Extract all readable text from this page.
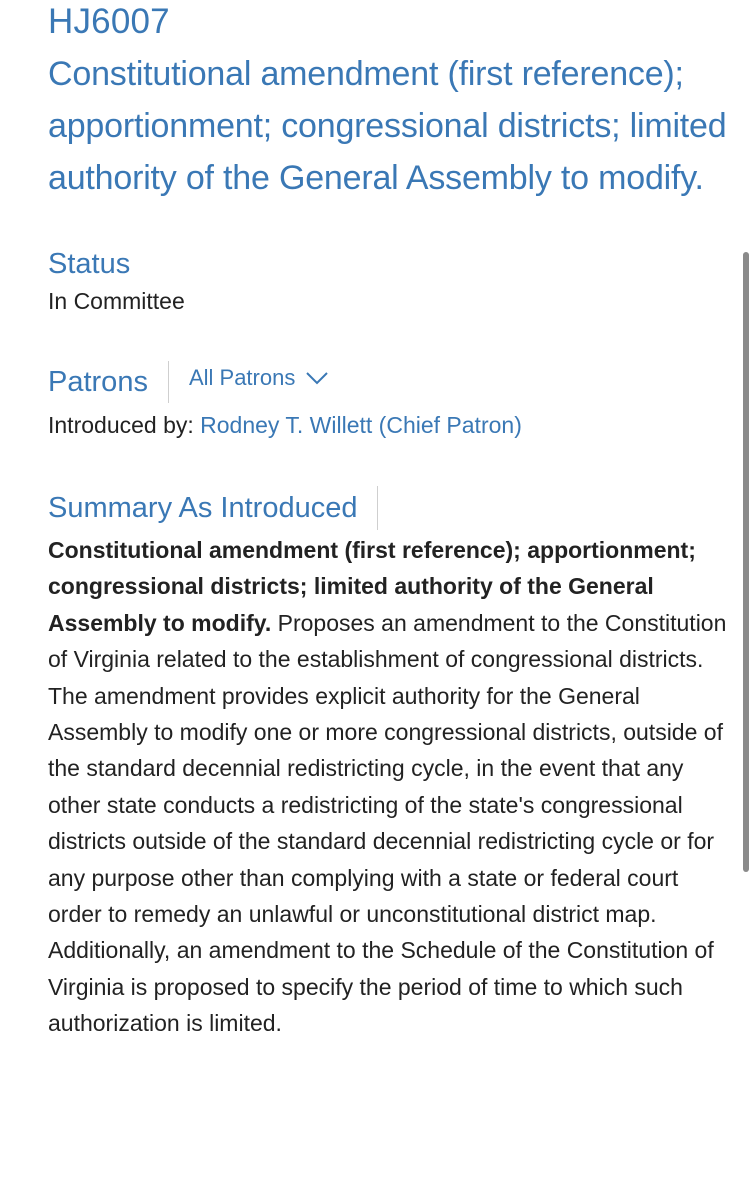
HJ6007
Constitutional amendment (first reference); apportionment; congressional districts; limited authority of the General Assembly to modify.
Status
In Committee
Patrons All Patrons
Introduced by: Rodney T. Willett (Chief Patron)
Summary As Introduced
Constitutional amendment (first reference); apportionment; congressional districts; limited authority of the General Assembly to modify. Proposes an amendment to the Constitution of Virginia related to the establishment of congressional districts. The amendment provides explicit authority for the General Assembly to modify one or more congressional districts, outside of the standard decennial redistricting cycle, in the event that any other state conducts a redistricting of the state's congressional districts outside of the standard decennial redistricting cycle or for any purpose other than complying with a state or federal court order to remedy an unlawful or unconstitutional district map. Additionally, an amendment to the Schedule of the Constitution of Virginia is proposed to specify the period of time to which such authorization is limited.
